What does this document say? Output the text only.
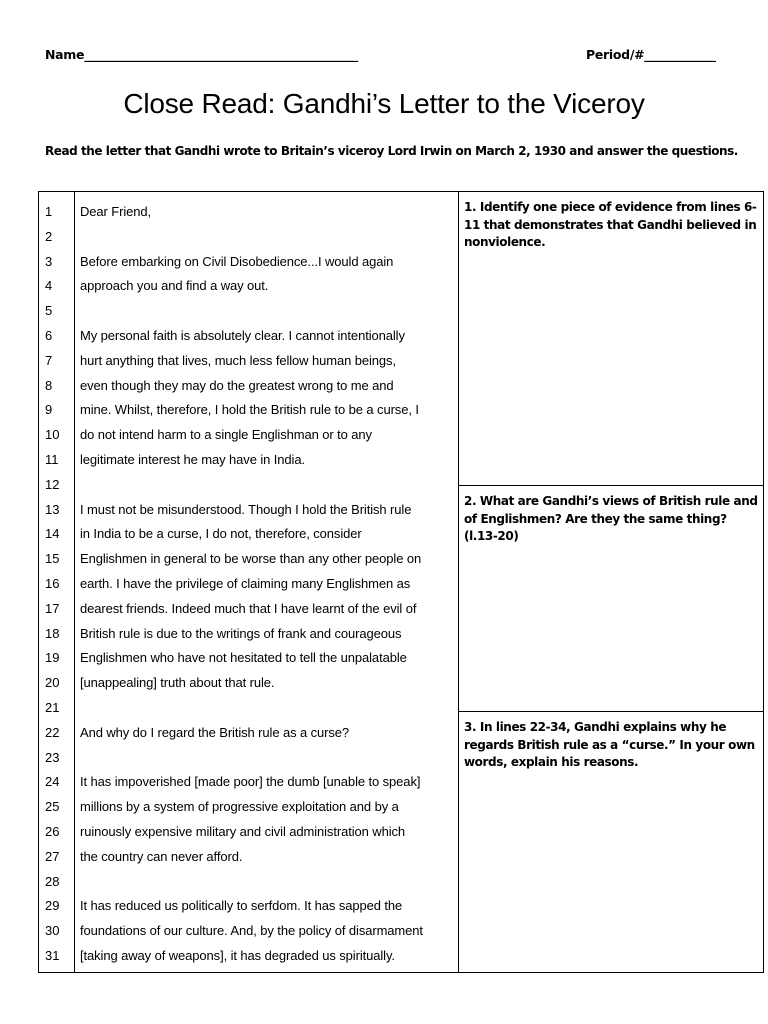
Name______________________________________________	Period/#____________
Close Read: Gandhi’s Letter to the Viceroy
Read the letter that Gandhi wrote to Britain’s viceroy Lord Irwin on March 2, 1930 and answer the questions.
1
2
3
4
5
6
7
8
9
10
11
12
13
14
15
16
17
18
19
20
21
22
23
24
25
26
27
28
29
30
31
Dear Friend,
Before embarking on Civil Disobedience...I would again
approach you and find a way out.
My personal faith is absolutely clear. I cannot intentionally
hurt anything that lives, much less fellow human beings,
even though they may do the greatest wrong to me and
mine. Whilst, therefore, I hold the British rule to be a curse, I
do not intend harm to a single Englishman or to any
legitimate interest he may have in India.
I must not be misunderstood. Though I hold the British rule
in India to be a curse, I do not, therefore, consider
Englishmen in general to be worse than any other people on
earth. I have the privilege of claiming many Englishmen as
dearest friends. Indeed much that I have learnt of the evil of
British rule is due to the writings of frank and courageous
Englishmen who have not hesitated to tell the unpalatable
[unappealing] truth about that rule.
And why do I regard the British rule as a curse?
It has impoverished [made poor] the dumb [unable to speak]
millions by a system of progressive exploitation and by a
ruinously expensive military and civil administration which
the country can never afford.
It has reduced us politically to serfdom. It has sapped the
foundations of our culture. And, by the policy of disarmament
[taking away of weapons], it has degraded us spiritually.
1. Identify one piece of evidence from lines 6-11 that demonstrates that Gandhi believed in nonviolence.
2. What are Gandhi’s views of British rule and of Englishmen? Are they the same thing? (l.13-20)
3. In lines 22-34, Gandhi explains why he regards British rule as a “curse.” In your own words, explain his reasons.
